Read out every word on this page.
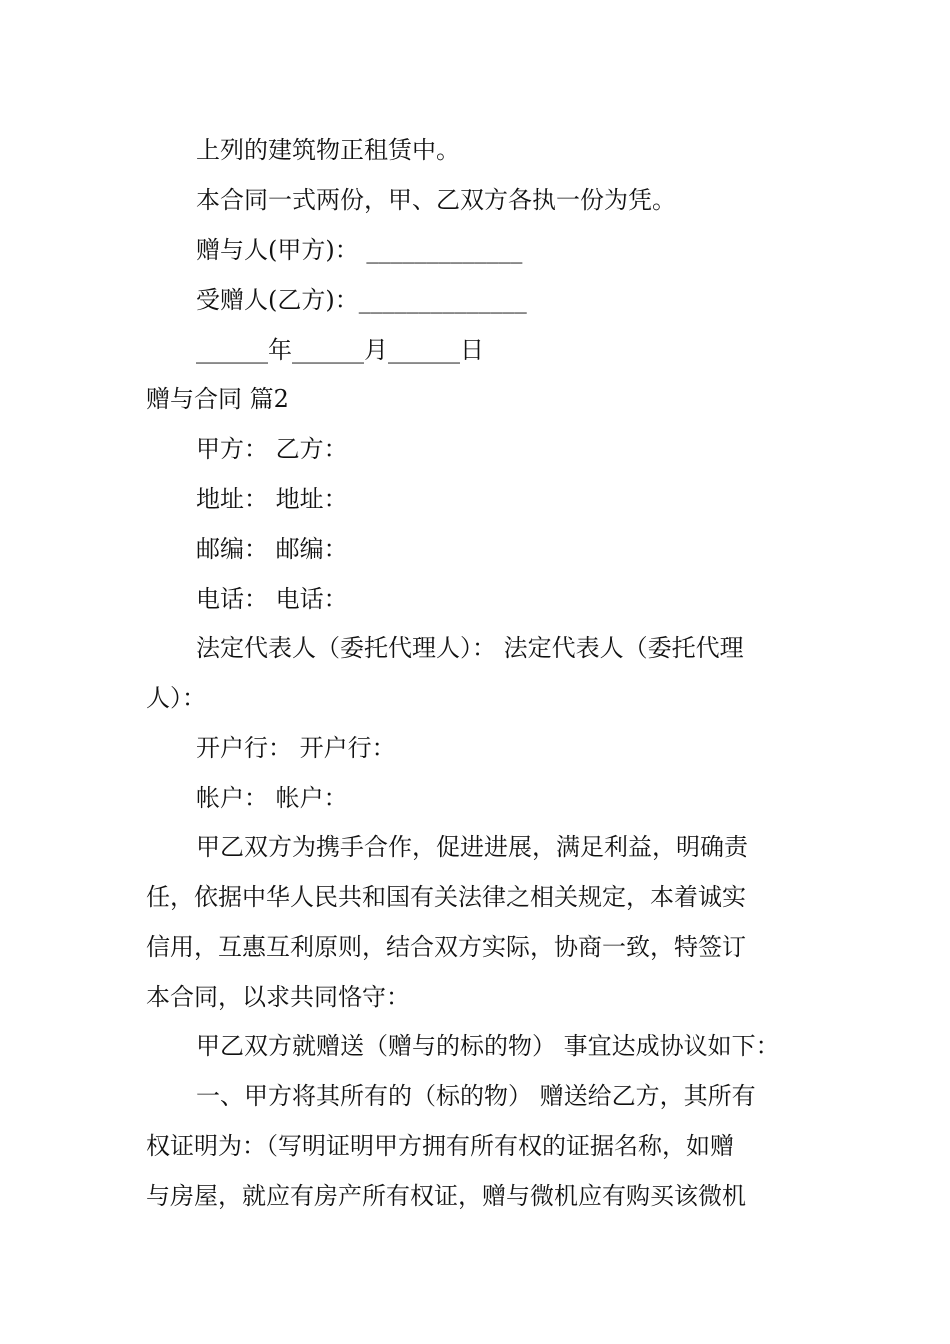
上列的建筑物正租赁中。
本合同一式两份，甲、乙双方各执一份为凭。
赠与人(甲方)： _____________
受赠人(乙方)：______________
______年______月______日
赠与合同 篇2
甲方： 乙方：
地址： 地址：
邮编： 邮编：
电话： 电话：
法定代表人（委托代理人）： 法定代表人（委托代理
人）：
开户行： 开户行：
帐户： 帐户：
甲乙双方为携手合作，促进进展，满足利益，明确责
任，依据中华人民共和国有关法律之相关规定，本着诚实
信用，互惠互利原则，结合双方实际，协商一致，特签订
本合同，以求共同恪守：
甲乙双方就赠送（赠与的标的物） 事宜达成协议如下：
一、甲方将其所有的（标的物） 赠送给乙方，其所有
权证明为：（写明证明甲方拥有所有权的证据名称，如赠
与房屋，就应有房产所有权证，赠与微机应有购买该微机
